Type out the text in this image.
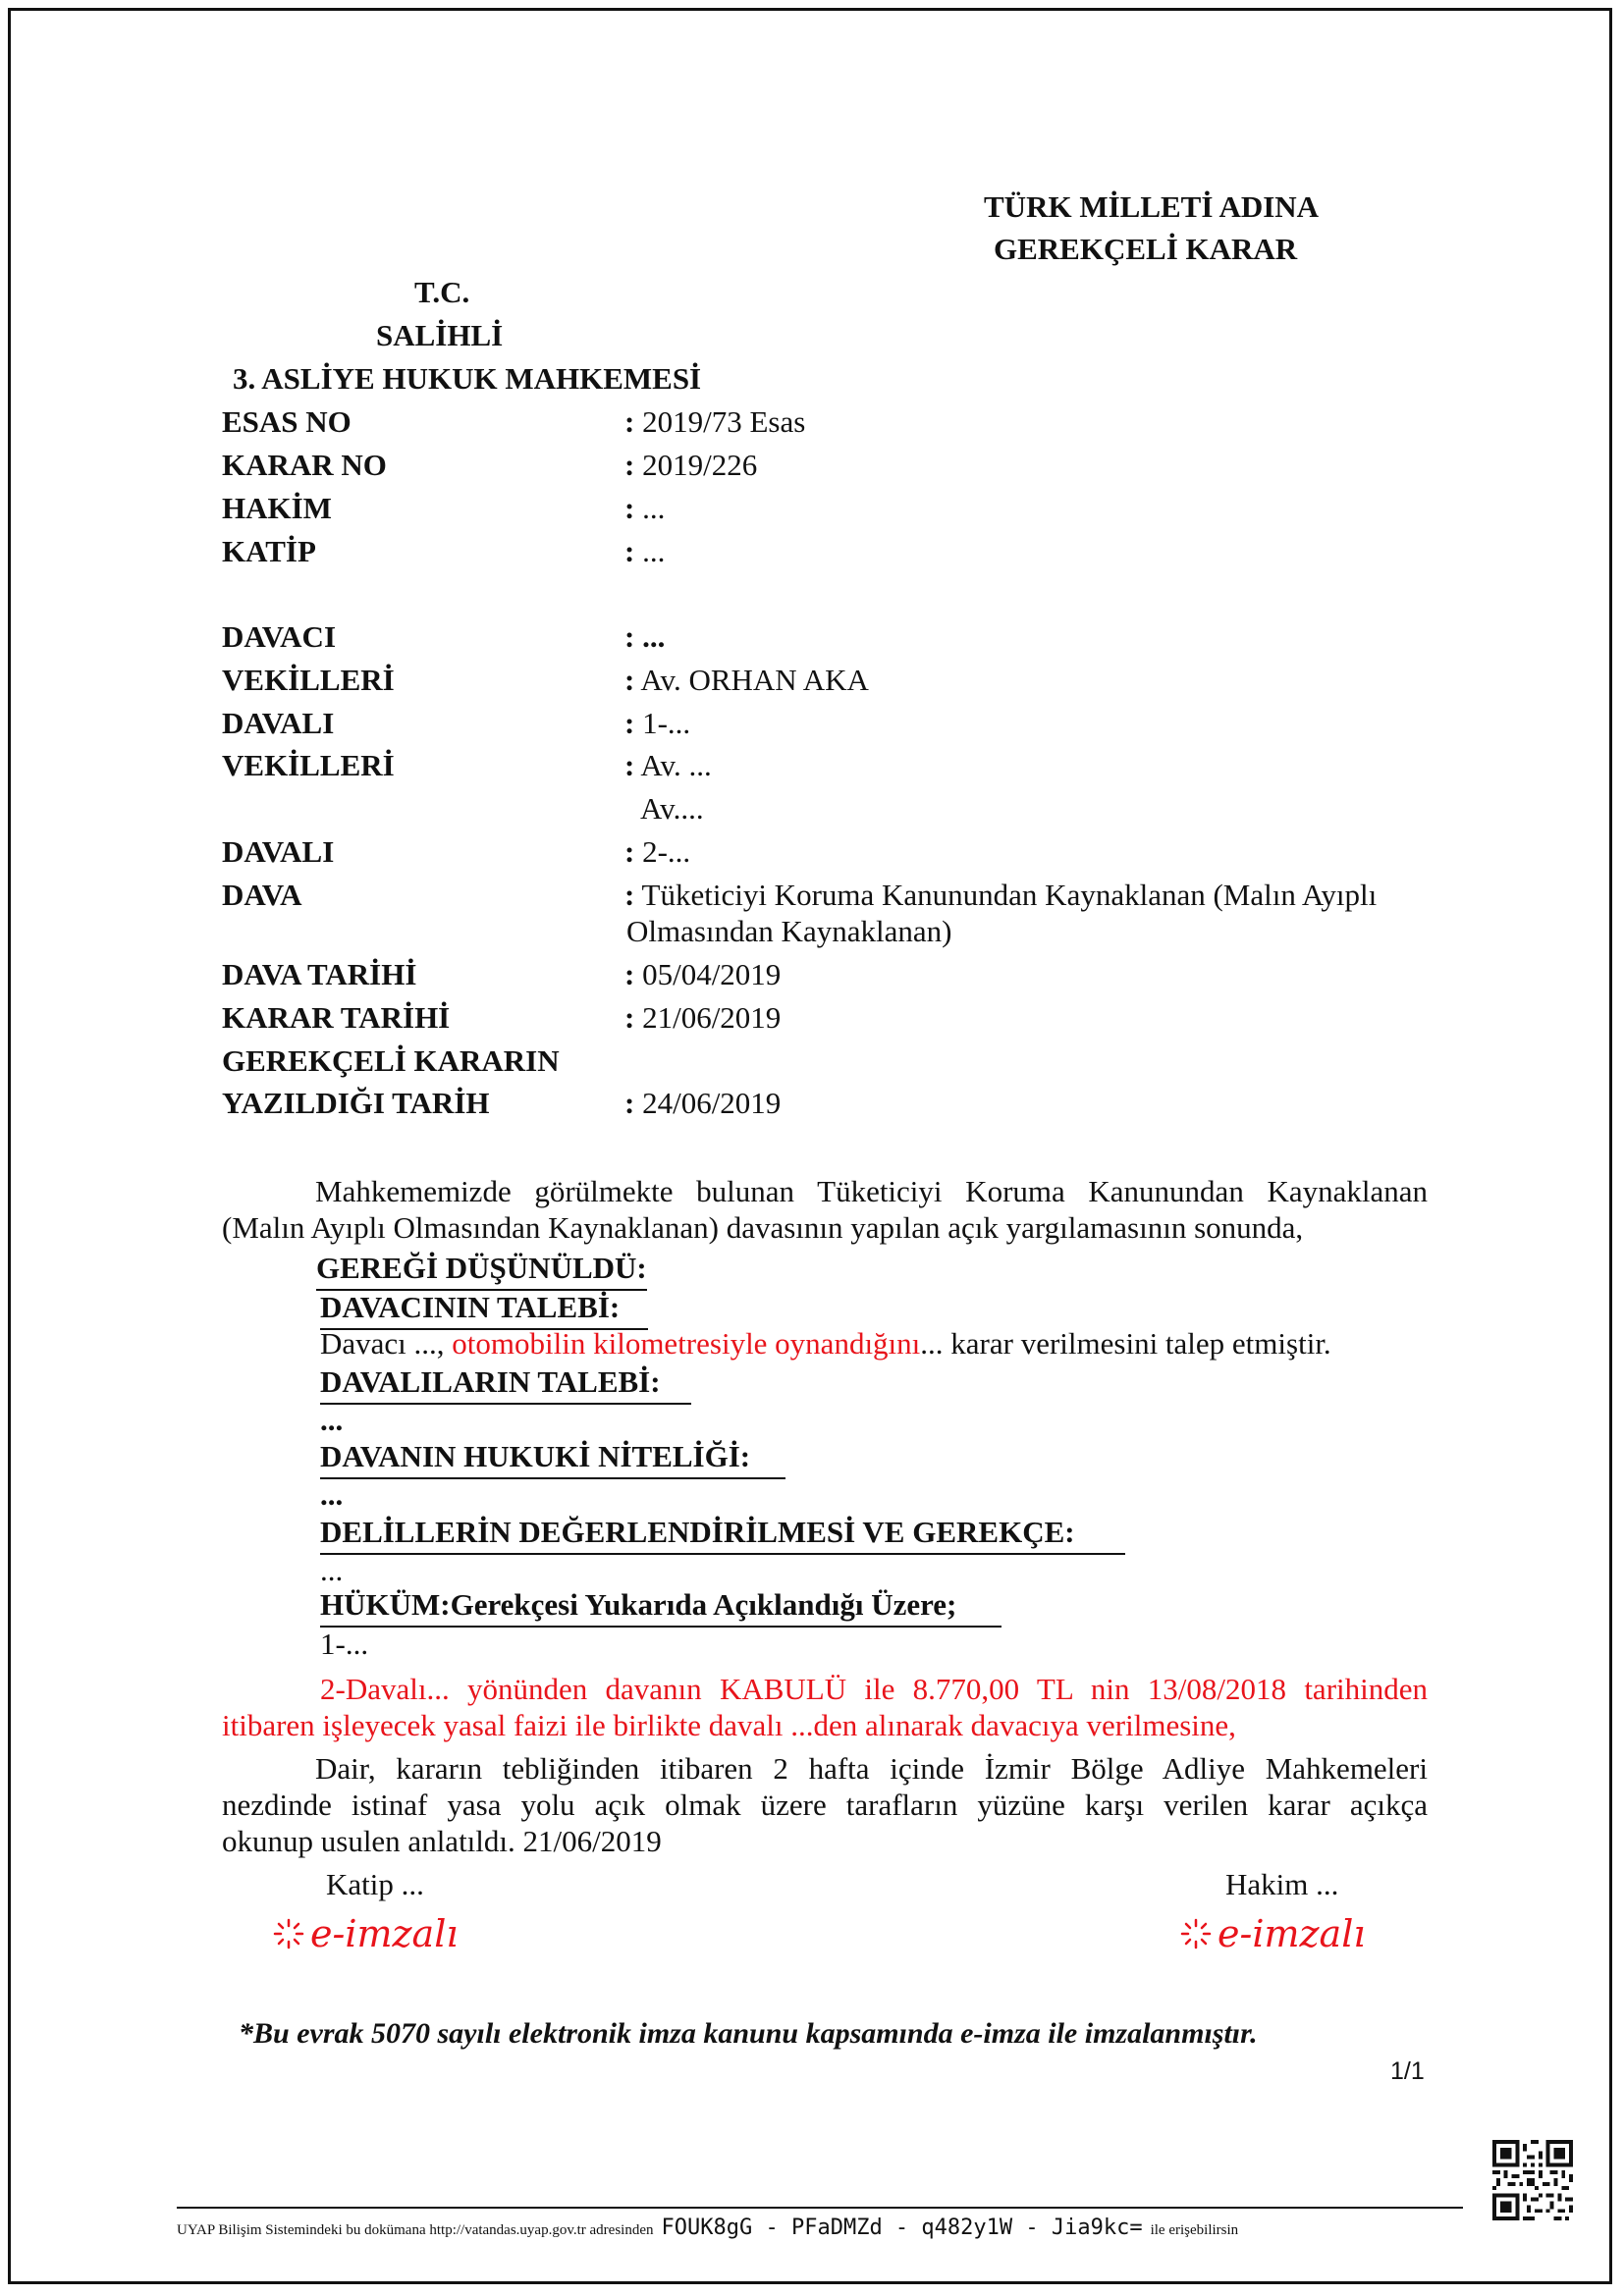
TÜRK MİLLETİ ADINA
GEREKÇELİ KARAR
T.C.
SALİHLİ
3. ASLİYE HUKUK MAHKEMESİ
ESAS NO	: 2019/73 Esas
KARAR NO	: 2019/226
HAKİM	: ...
KATİP	: ...
DAVACI	: ...
VEKİLLERİ	: Av. ORHAN AKA
DAVALI	: 1-...
VEKİLLERİ	: Av. ...
Av....
DAVALI	: 2-...
DAVA	: Tüketiciyi Koruma Kanunundan Kaynaklanan (Malın Ayıplı
Olmasından Kaynaklanan)
DAVA TARİHİ	: 05/04/2019
KARAR TARİHİ	: 21/06/2019
GEREKÇELİ KARARIN
YAZILDIĞI TARİH	: 24/06/2019
Mahkememizde görülmekte bulunan Tüketiciyi Koruma Kanunundan Kaynaklanan
(Malın Ayıplı Olmasından Kaynaklanan) davasının yapılan açık yargılamasının sonunda,
GEREĞİ DÜŞÜNÜLDÜ:
DAVACININ TALEBİ:
Davacı ..., otomobilin kilometresiyle oynandığını... karar verilmesini talep etmiştir.
DAVALILARIN TALEBİ:
...
DAVANIN HUKUKİ NİTELİĞİ:
...
DELİLLERİN DEĞERLENDİRİLMESİ VE GEREKÇE:
...
HÜKÜM:Gerekçesi Yukarıda Açıklandığı Üzere;
1-...
2-Davalı... yönünden davanın KABULÜ ile 8.770,00 TL nin 13/08/2018 tarihinden
itibaren işleyecek yasal faizi ile birlikte davalı ...den alınarak davacıya verilmesine,
Dair, kararın tebliğinden itibaren 2 hafta içinde İzmir Bölge Adliye Mahkemeleri
nezdinde istinaf yasa yolu açık olmak üzere tarafların yüzüne karşı verilen karar açıkça
okunup usulen anlatıldı. 21/06/2019
Katip ...	Hakim ...
e-imzalı	e-imzalı
*Bu evrak 5070 sayılı elektronik imza kanunu kapsamında e-imza ile imzalanmıştır.
1/1
UYAP Bilişim Sistemindeki bu dokümana http://vatandas.uyap.gov.tr adresinden FOUK8gG - PFaDMZd - q482y1W - Jia9kc= ile erişebilirsin
